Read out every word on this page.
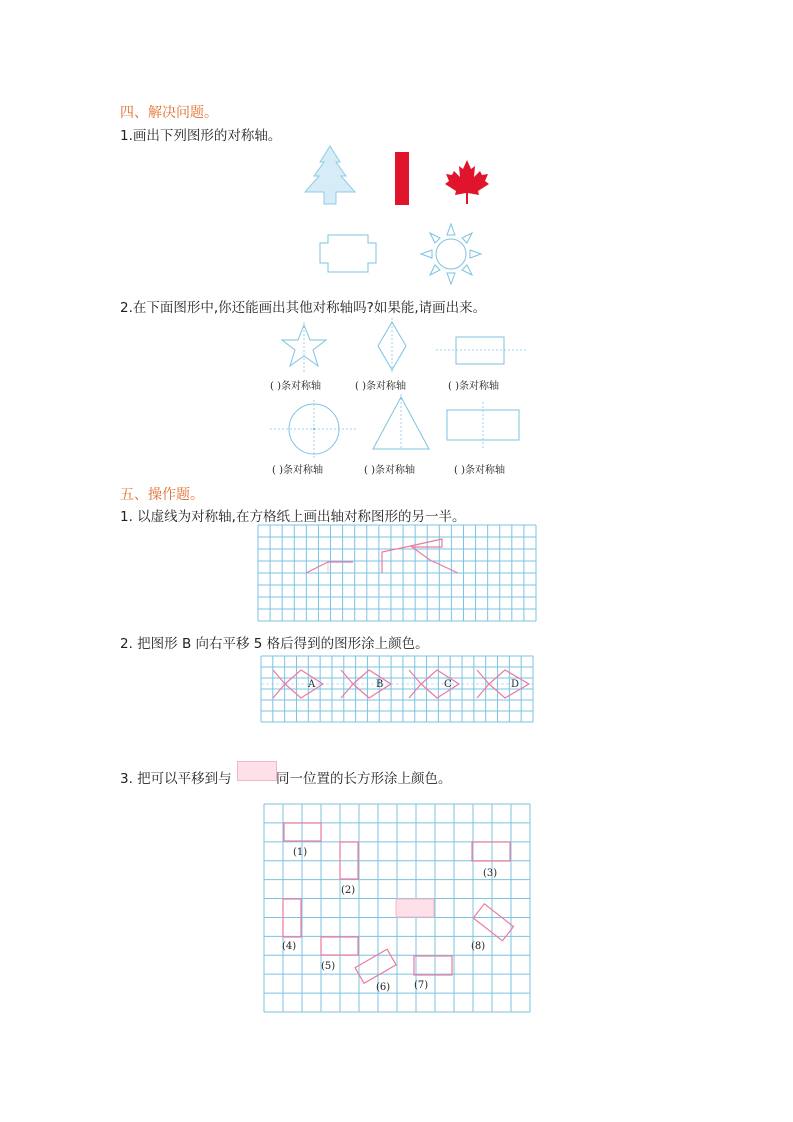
四、解决问题。
1.画出下列图形的对称轴。
2.在下面图形中,你还能画出其他对称轴吗?如果能,请画出来。
( )条对称轴	( )条对称轴	( )条对称轴
( )条对称轴	( )条对称轴	( )条对称轴
五、操作题。
1. 以虚线为对称轴,在方格纸上画出轴对称图形的另一半。
2. 把图形 B 向右平移 5 格后得到的图形涂上颜色。
A	B	C	D
3. 把可以平移到与	同一位置的长方形涂上颜色。
(1)
(2)
(3)
(4)
(5)
(6) (7)
(8)
